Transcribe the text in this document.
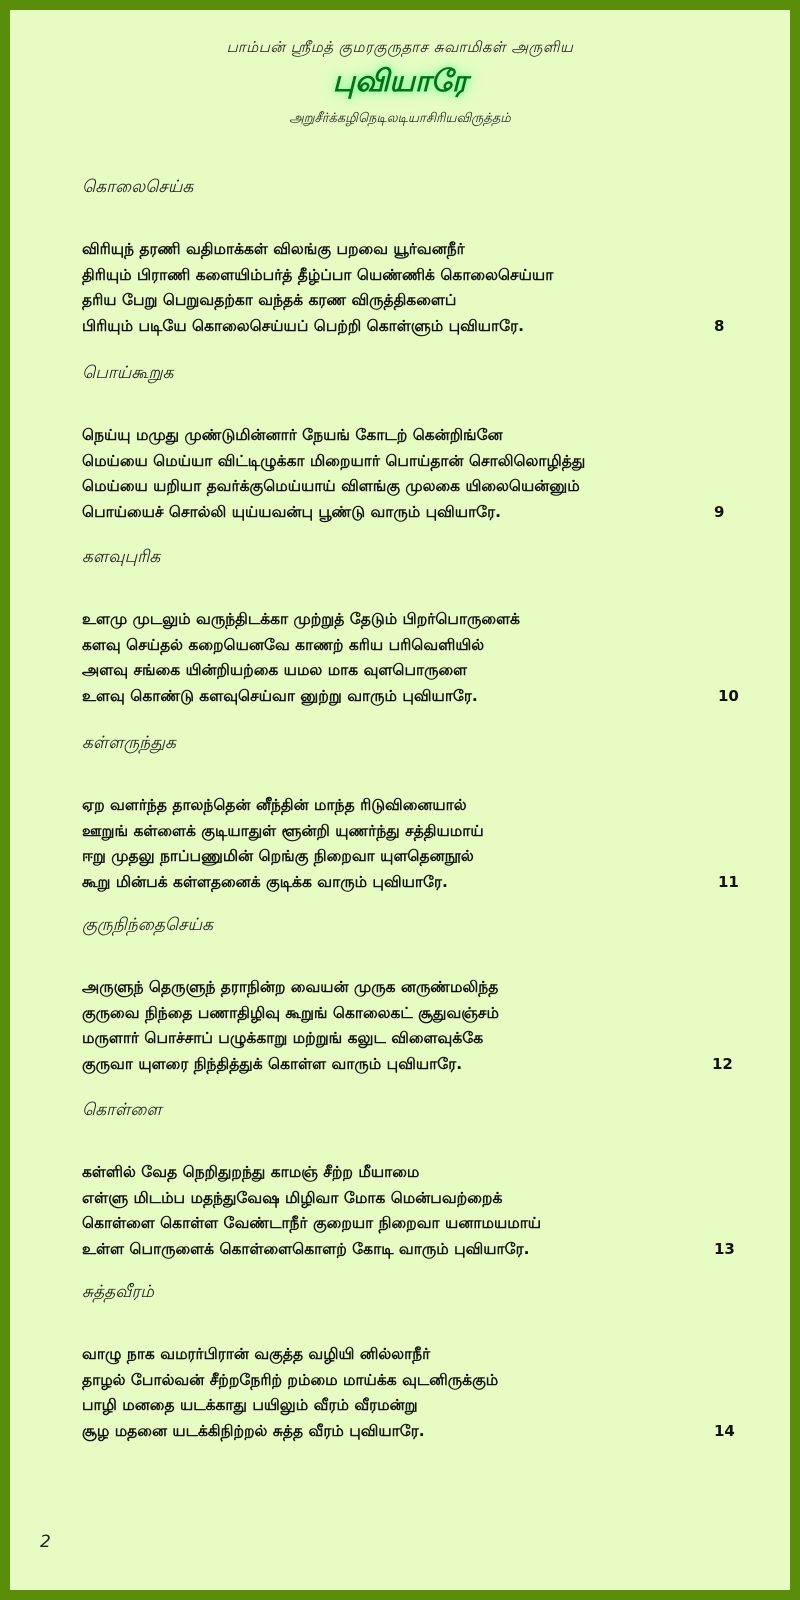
பாம்பன் ஸ்ரீமத் குமரகுருதாச சுவாமிகள் அருளிய
புவியாரே
அறுசீர்க்கழிநெடிலடியாசிரியவிருத்தம்
கொலைசெய்க
விரியுந் தரணி வதிமாக்கள் விலங்கு பறவை யூர்வனநீர்
திரியும் பிராணி களையிம்பர்த் தீழ்ப்பா யெண்ணிக் கொலைசெய்யா
தரிய பேறு பெறுவதற்கா வந்தக் கரண விருத்திகளைப்
பிரியும் படியே கொலைசெய்யப் பெற்றி கொள்ளும் புவியாரே.	8
பொய்கூறுக
நெய்யு மமுது முண்டுமின்னார் நேயங் கோடற் கென்றிங்னே
மெய்யை மெய்யா விட்டிழுக்கா மிறையார் பொய்தான் சொலிலொழித்து
மெய்யை யறியா தவர்க்குமெய்யாய் விளங்கு முலகை யிலையென்னும்
பொய்யைச் சொல்லி யுய்யவன்பு பூண்டு வாரும் புவியாரே.	9
களவுபுரிக
உளமு முடலும் வருந்திடக்கா முற்றுத் தேடும் பிறர்பொருளைக்
களவு செய்தல் கறையெனவே காணற் கரிய பரிவெளியில்
அளவு சங்கை யின்றியற்கை யமல மாக வுளபொருளை
உளவு கொண்டு களவுசெய்வா னுற்று வாரும் புவியாரே.	10
கள்ளருந்துக
ஏற வளர்ந்த தாலந்தென் னீந்தின் மாந்த ரிடுவினையால்
ஊறுங் கள்ளைக் குடியாதுள் ளூன்றி யுணர்ந்து சத்தியமாய்
ஈறு முதலு நாப்பணுமின் றெங்கு நிறைவா யுளதெனநூல்
கூறு மின்பக் கள்ளதனைக் குடிக்க வாரும் புவியாரே.	11
குருநிந்தைசெய்க
அருளுந் தெருளுந் தராநின்ற வையன் முருக னருண்மலிந்த
குருவை நிந்தை பணாதிழிவு கூறுங் கொலைகட் சூதுவஞ்சம்
மருளார் பொச்சாப் பழுக்காறு மற்றுங் கலுட விளைவுக்கே
குருவா யுளரை நிந்தித்துக் கொள்ள வாரும் புவியாரே.	12
கொள்ளை
கள்ளில் வேத நெறிதுறந்து காமஞ் சீற்ற மீயாமை
எள்ளு மிடம்ப மதந்துவேஷ மிழிவா மோக மென்பவற்றைக்
கொள்ளை கொள்ள வேண்டாநீர் குறையா நிறைவா யனாமயமாய்
உள்ள பொருளைக் கொள்ளைகொளற் கோடி வாரும் புவியாரே.	13
சுத்தவீரம்
வாழு நாக வமரர்பிரான் வகுத்த வழியி னில்லாநீர்
தாழல் போல்வன் சீற்றநேரிற் றம்மை மாய்க்க வுடனிருக்கும்
பாழி மனதை யடக்காது பயிலும் வீரம் வீரமன்று
சூழ மதனை யடக்கிநிற்றல் சுத்த வீரம் புவியாரே.	14
2
